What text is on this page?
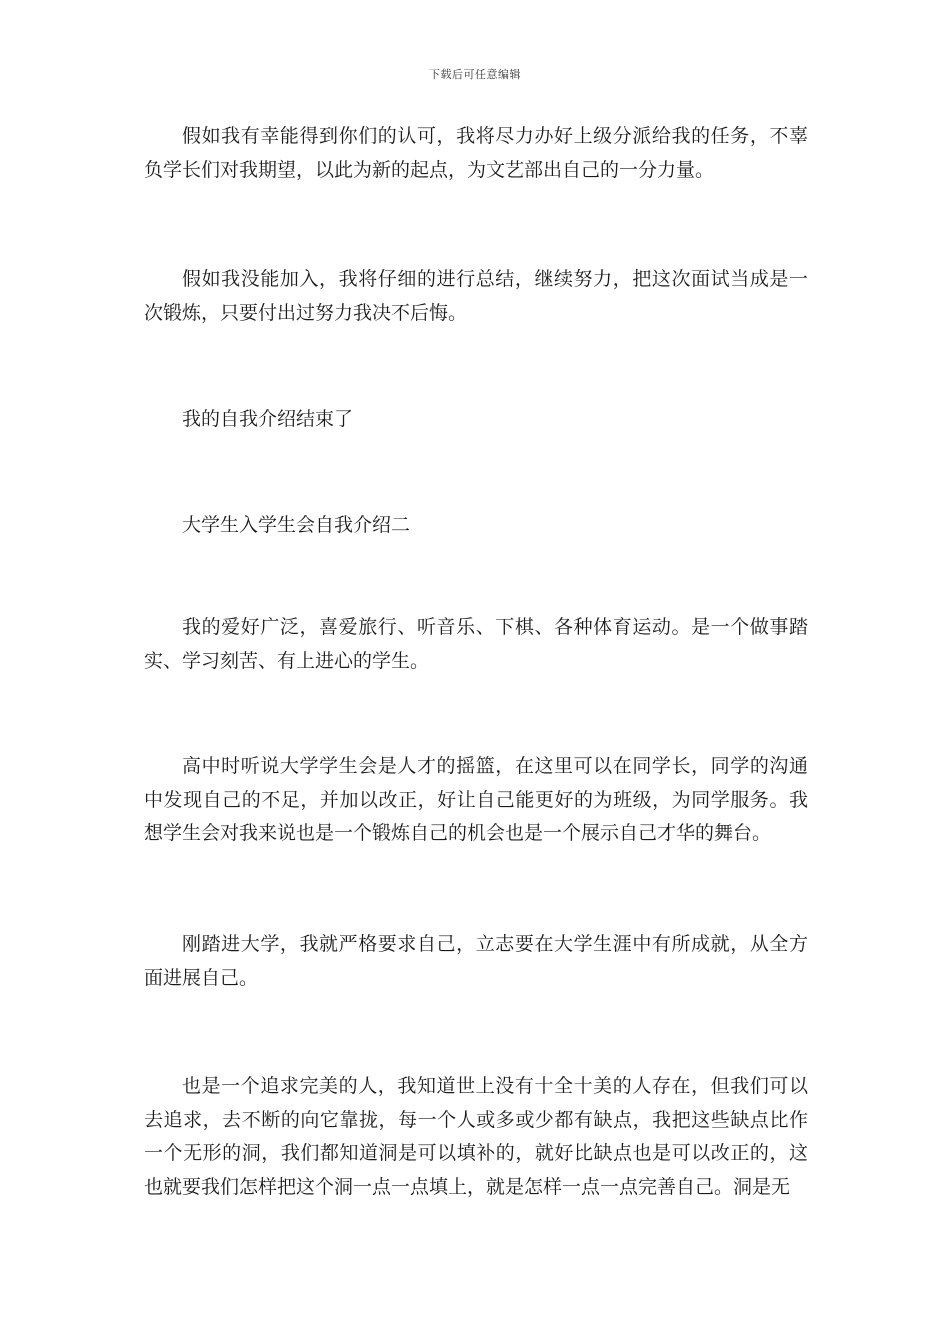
下载后可任意编辑

假如我有幸能得到你们的认可，我将尽力办好上级分派给我的任务，不辜负学长们对我期望，以此为新的起点，为文艺部出自己的一分力量。

假如我没能加入，我将仔细的进行总结，继续努力，把这次面试当成是一次锻炼，只要付出过努力我决不后悔。

我的自我介绍结束了

大学生入学生会自我介绍二

我的爱好广泛，喜爱旅行、听音乐、下棋、各种体育运动。是一个做事踏实、学习刻苦、有上进心的学生。

高中时听说大学学生会是人才的摇篮，在这里可以在同学长，同学的沟通中发现自己的不足，并加以改正，好让自己能更好的为班级，为同学服务。我想学生会对我来说也是一个锻炼自己的机会也是一个展示自己才华的舞台。

刚踏进大学，我就严格要求自己，立志要在大学生涯中有所成就，从全方面进展自己。

也是一个追求完美的人，我知道世上没有十全十美的人存在，但我们可以去追求，去不断的向它靠拢，每一个人或多或少都有缺点，我把这些缺点比作一个无形的洞，我们都知道洞是可以填补的，就好比缺点也是可以改正的，这也就要我们怎样把这个洞一点一点填上，就是怎样一点一点完善自己。洞是无
